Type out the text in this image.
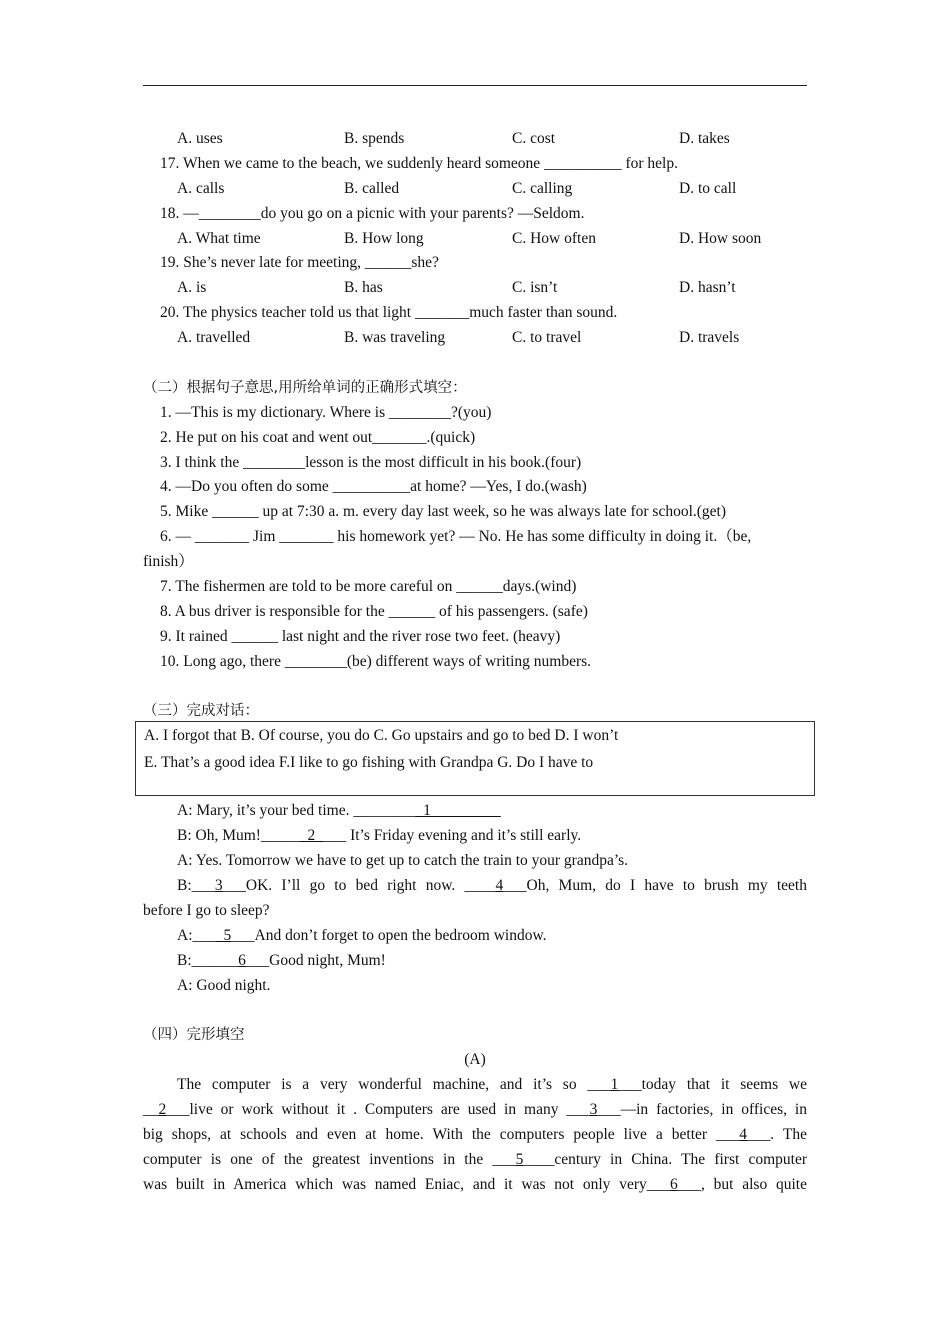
A. uses	B. spends	C. cost	D. takes
17. When we came to the beach, we suddenly heard someone __________ for help.
A. calls	B. called	C. calling	D. to call
18. —________do you go on a picnic with your parents? —Seldom.
A. What time	B. How long	C. How often	D. How soon
19. She’s never late for meeting, ______she?
A. is	B. has	C. isn’t	D. hasn’t
20. The physics teacher told us that light _______much faster than sound.
A. travelled	B. was traveling	C. to travel	D. travels
（二）根据句子意思,用所给单词的正确形式填空：
1. —This is my dictionary. Where is ________?(you)
2. He put on his coat and went out_______.(quick)
3. I think the ________lesson is the most difficult in his book.(four)
4. —Do you often do some __________at home? —Yes, I do.(wash)
5. Mike ______ up at 7:30 a. m. every day last week, so he was always late for school.(get)
6. — _______ Jim _______ his homework yet? — No. He has some difficulty in doing it.（be,
finish）
7. The fishermen are told to be more careful on ______days.(wind)
8. A bus driver is responsible for the ______ of his passengers. (safe)
9. It rained ______ last night and the river rose two feet. (heavy)
10. Long ago, there ________(be) different ways of writing numbers.
（三）完成对话：
A. I forgot that B. Of course, you do C. Go upstairs and go to bed D. I won’t
E. That’s a good idea F.I like to go fishing with Grandpa G. Do I have to
A: Mary, it’s your bed time. _________1_________
B: Oh, Mum!______2____ It’s Friday evening and it’s still early.
A: Yes. Tomorrow we have to get up to catch the train to your grandpa’s.
B:___3___OK. I’ll go to bed right now. ____4___Oh, Mum, do I have to brush my teeth
before I go to sleep?
A:____5___And don’t forget to open the bedroom window.
B:______6___Good night, Mum!
A: Good night.
（四）完形填空
(A)
The computer is a very wonderful machine, and it’s so ___1___today that it seems we
__2___live or work without it . Computers are used in many ___3___—in factories, in offices, in
big shops, at schools and even at home. With the computers people live a better ___4___. The
computer is one of the greatest inventions in the ___5____century in China. The first computer
was built in America which was named Eniac, and it was not only very___6___, but also quite
